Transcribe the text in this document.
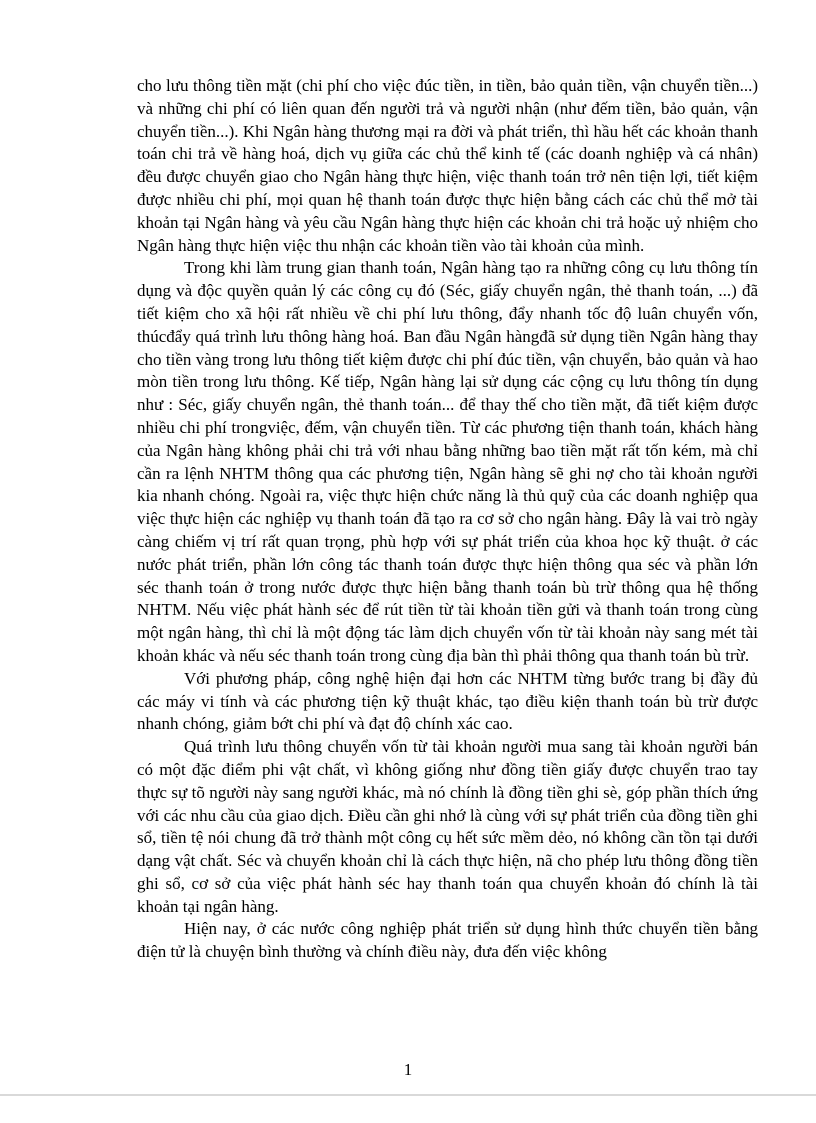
cho lưu thông tiền mặt (chi phí cho việc đúc tiền, in tiền, bảo quản tiền, vận chuyển tiền...) và những chi phí có liên quan đến người trả và người nhận (như đếm tiền, bảo quản, vận chuyển tiền...). Khi Ngân hàng thương mại ra đời và phát triển, thì hầu hết các khoản thanh toán chi trả về hàng hoá, dịch vụ giữa các chủ thể kinh tế (các doanh nghiệp và cá nhân) đều được chuyển giao cho Ngân hàng thực hiện, việc thanh toán trở nên tiện lợi, tiết kiệm được nhiều chi phí, mọi quan hệ thanh toán được thực hiện bằng cách các chủ thể mở tài khoản tại Ngân hàng và yêu cầu Ngân hàng thực hiện các khoản chi trả hoặc uỷ nhiệm cho Ngân hàng thực hiện việc thu nhận các khoản tiền vào tài khoản của mình.

Trong khi làm trung gian thanh toán, Ngân hàng tạo ra những công cụ lưu thông tín dụng và độc quyền quản lý các công cụ đó (Séc, giấy chuyển ngân, thẻ thanh toán, ...) đã tiết kiệm cho xã hội rất nhiều về chi phí lưu thông, đẩy nhanh tốc độ luân chuyển vốn, thúcđẩy quá trình lưu thông hàng hoá. Ban đầu Ngân hàngđã sử dụng tiền Ngân hàng thay cho tiền vàng trong lưu thông tiết kiệm được chi phí đúc tiền, vận chuyển, bảo quản và hao mòn tiền trong lưu thông. Kế tiếp, Ngân hàng lại sử dụng các cộng cụ lưu thông tín dụng như : Séc, giấy chuyển ngân, thẻ thanh toán... để thay thế cho tiền mặt, đã tiết kiệm được nhiều chi phí trongviệc, đếm, vận chuyển tiền. Từ các phương tiện thanh toán, khách hàng của Ngân hàng không phải chi trả với nhau bằng những bao tiền mặt rất tốn kém, mà chỉ cần ra lệnh NHTM thông qua các phương tiện, Ngân hàng sẽ ghi nợ cho tài khoản người kia nhanh chóng. Ngoài ra, việc thực hiện chức năng là thủ quỹ của các doanh nghiệp qua việc thực hiện các nghiệp vụ thanh toán đã tạo ra cơ sở cho ngân hàng. Đây là vai trò ngày càng chiếm vị trí rất quan trọng, phù hợp với sự phát triển của khoa học kỹ thuật. ở các nước phát triển, phần lớn công tác thanh toán được thực hiện thông qua séc và phần lớn séc thanh toán ở trong nước được thực hiện bằng thanh toán bù trừ thông qua hệ thống NHTM. Nếu việc phát hành séc để rút tiền từ tài khoản tiền gửi và thanh toán trong cùng một ngân hàng, thì chỉ là một động tác làm dịch chuyển vốn từ tài khoản này sang mét tài khoản khác và nếu séc thanh toán trong cùng địa bàn thì phải thông qua thanh toán bù trừ.

Với phương pháp, công nghệ hiện đại hơn các NHTM từng bước trang bị đầy đủ các máy vi tính và các phương tiện kỹ thuật khác, tạo điều kiện thanh toán bù trừ được nhanh chóng, giảm bớt chi phí và đạt độ chính xác cao.

Quá trình lưu thông chuyển vốn từ tài khoản người mua sang tài khoản người bán có một đặc điểm phi vật chất, vì không giống như đồng tiền giấy được chuyển trao tay thực sự tõ người này sang người khác, mà nó chính là đồng tiền ghi sè, góp phần thích ứng với các nhu cầu của giao dịch. Điều cần ghi nhớ là cùng với sự phát triển của đồng tiền ghi sổ, tiền tệ nói chung đã trở thành một công cụ hết sức mềm dẻo, nó không cần tồn tại dưới dạng vật chất. Séc và chuyển khoản chỉ là cách thực hiện, nã cho phép lưu thông đồng tiền ghi sổ, cơ sở của việc phát hành séc hay thanh toán qua chuyển khoản đó chính là tài khoản tại ngân hàng.

Hiện nay, ở các nước công nghiệp phát triển sử dụng hình thức chuyển tiền bằng điện tử là chuyện bình thường và chính điều này, đưa đến việc không

1
